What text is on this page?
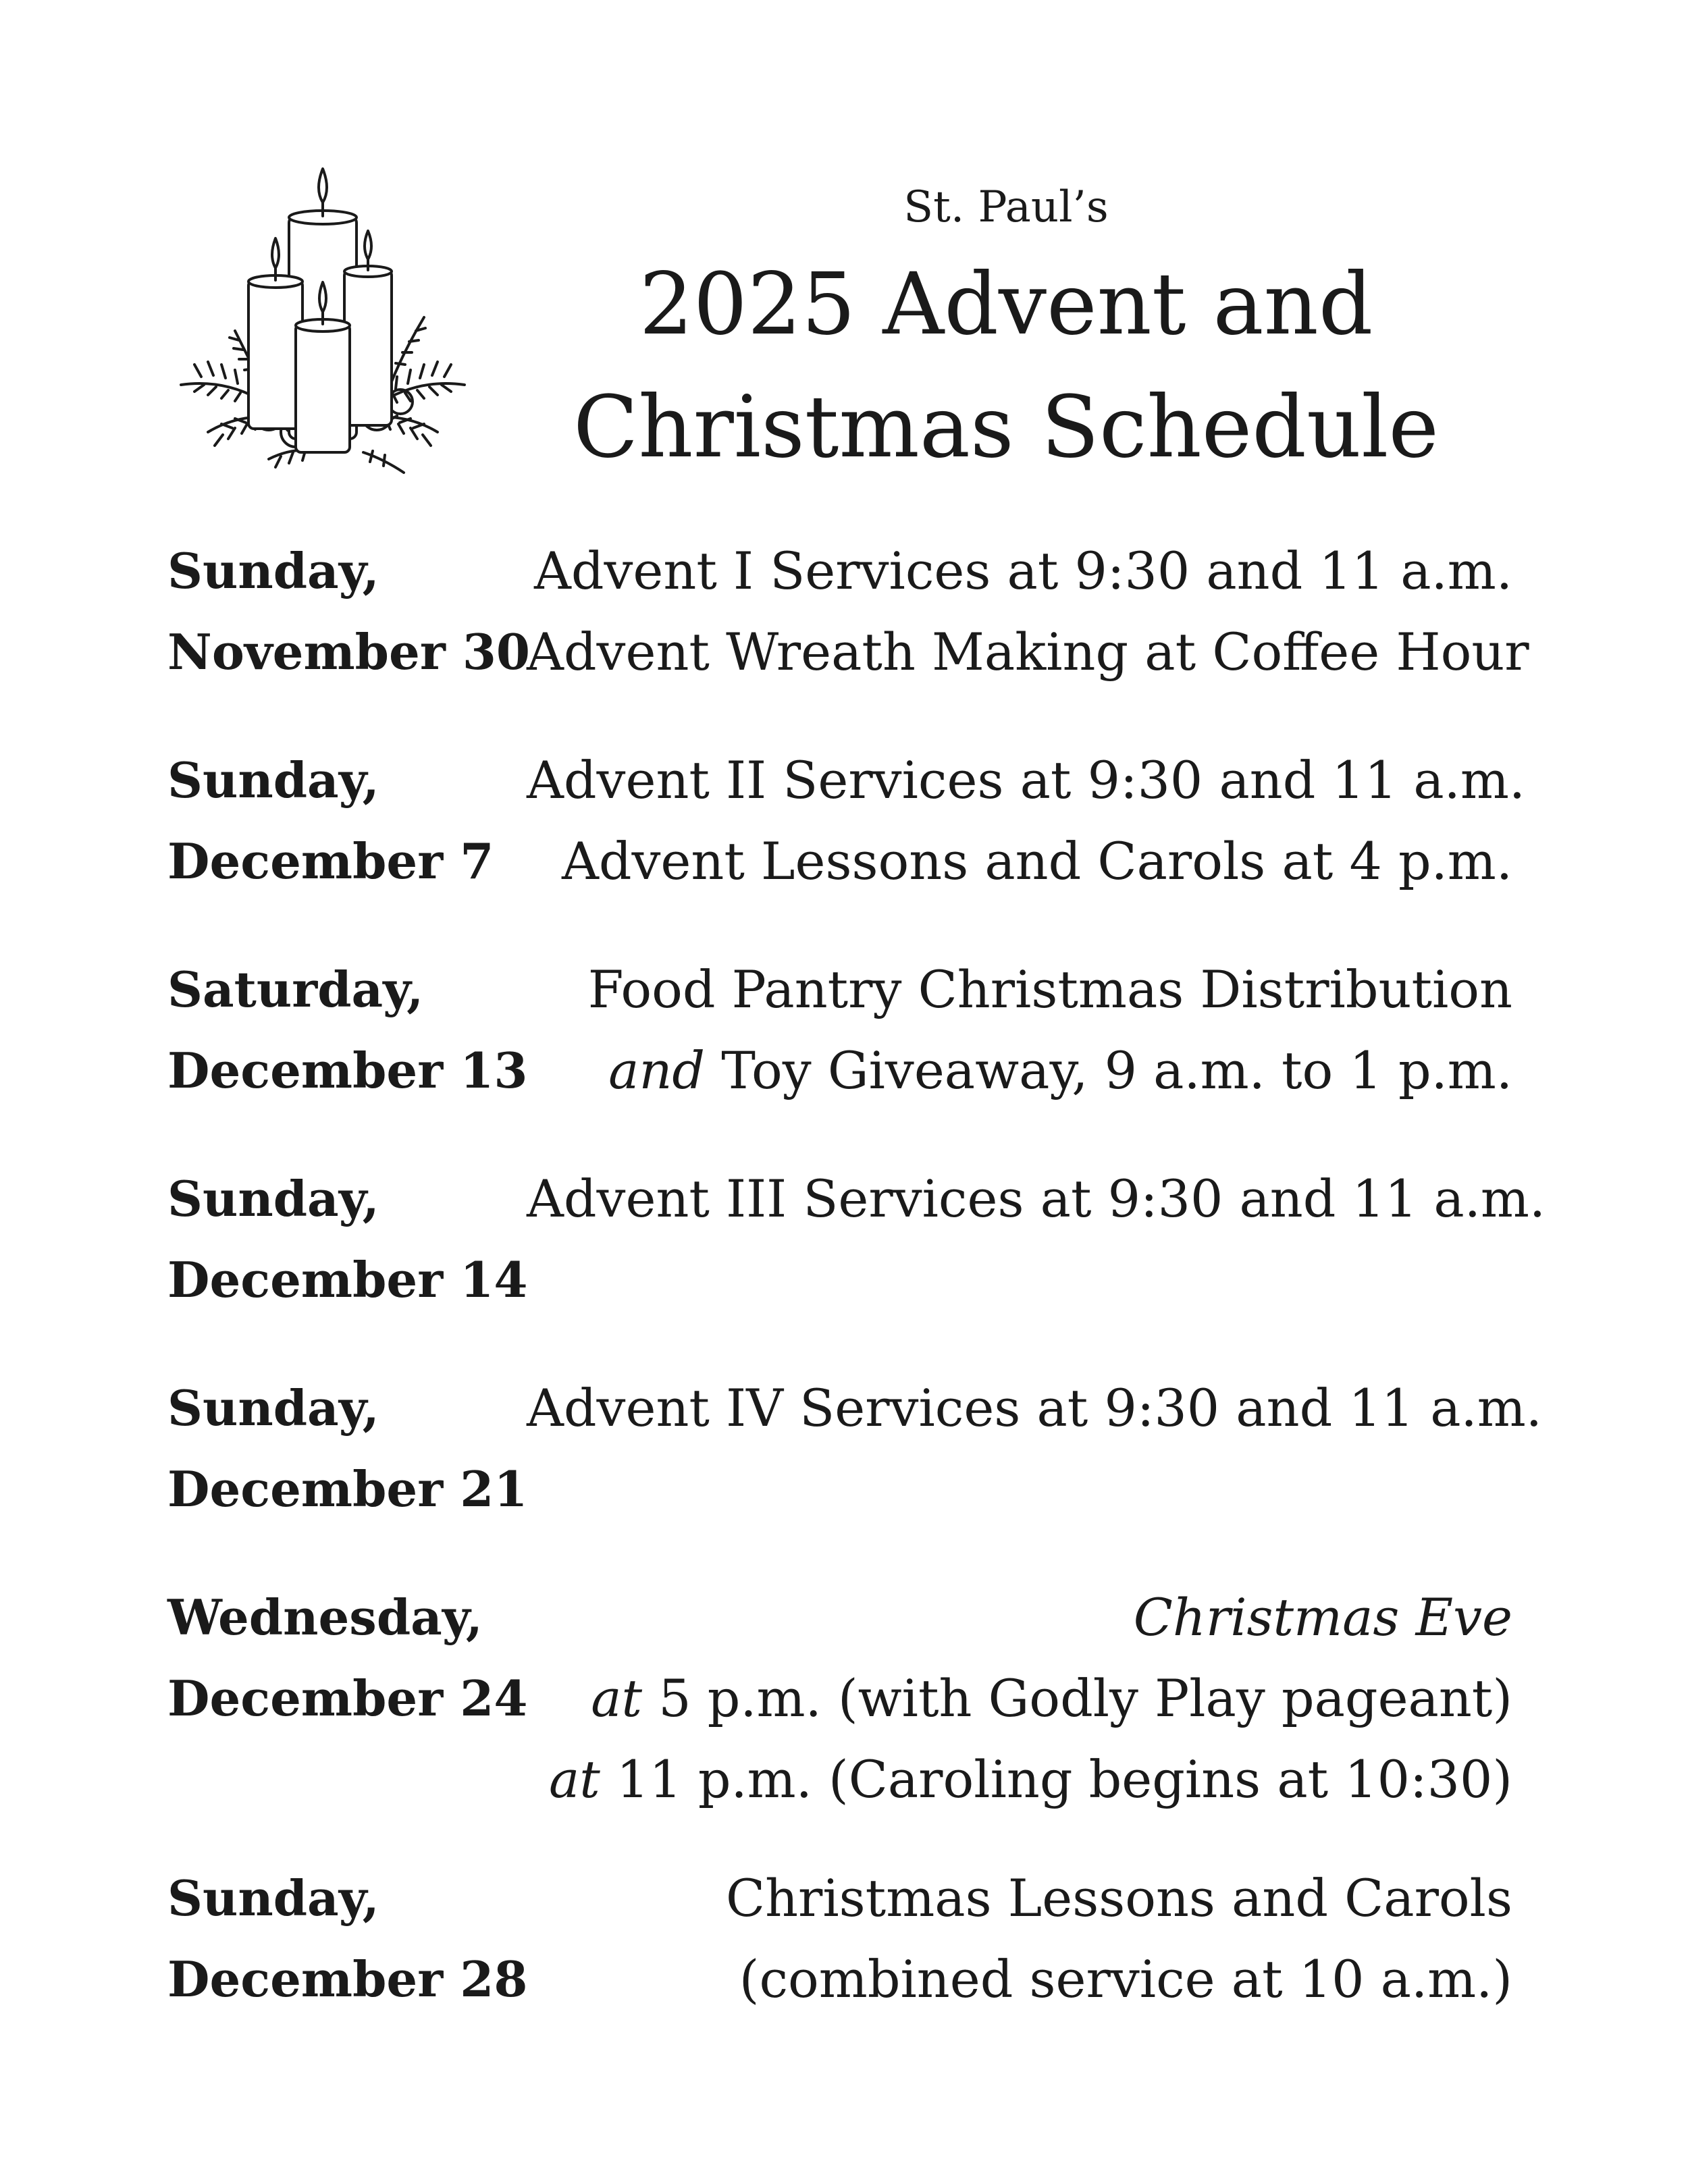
St. Paul’s
2025 Advent and
Christmas Schedule
Sunday,
November 30
Advent I Services at 9:30 and 11 a.m.
Advent Wreath Making at Coffee Hour
Sunday,
December 7
Advent II Services at 9:30 and 11 a.m.
Advent Lessons and Carols at 4 p.m.
Saturday,
December 13
Food Pantry Christmas Distribution
and Toy Giveaway, 9 a.m. to 1 p.m.
Sunday,
December 14
Advent III Services at 9:30 and 11 a.m.
Sunday,
December 21
Advent IV Services at 9:30 and 11 a.m.
Wednesday,
December 24
Christmas Eve
at 5 p.m. (with Godly Play pageant)
at 11 p.m. (Caroling begins at 10:30)
Sunday,
December 28
Christmas Lessons and Carols
(combined service at 10 a.m.)
